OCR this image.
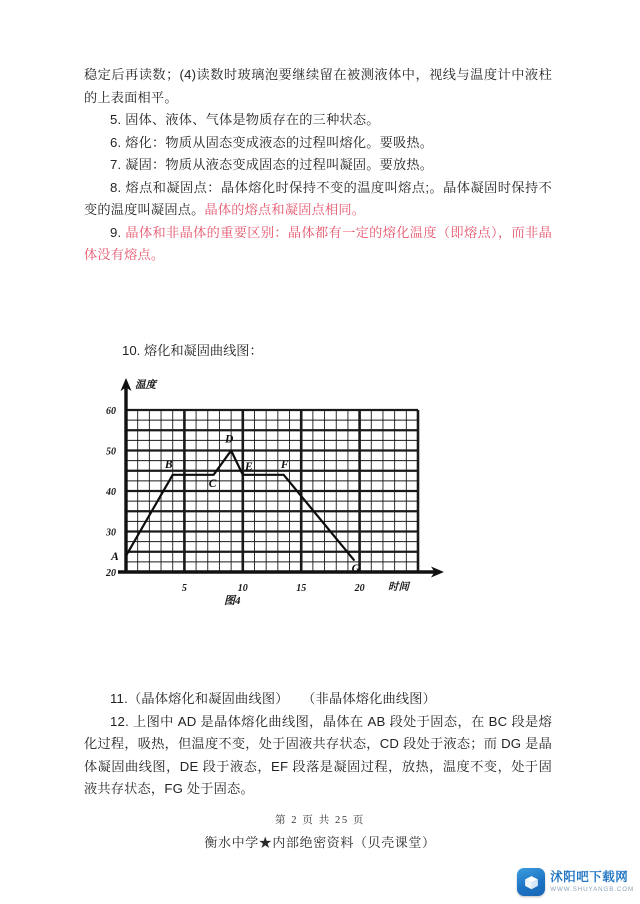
稳定后再读数；(4)读数时玻璃泡要继续留在被测液体中，视线与温度计中液柱的上表面相平。

5. 固体、液体、气体是物质存在的三种状态。

6. 熔化：物质从固态变成液态的过程叫熔化。要吸热。

7. 凝固：物质从液态变成固态的过程叫凝固。要放热。

8. 熔点和凝固点：晶体熔化时保持不变的温度叫熔点;。晶体凝固时保持不变的温度叫凝固点。晶体的熔点和凝固点相同。

9. 晶体和非晶体的重要区别：晶体都有一定的熔化温度（即熔点），而非晶体没有熔点。

10. 熔化和凝固曲线图：
温度
时间
20
30
40
50
60
5	10	15	20
A
B
C
D
E F
G
图4

11.（晶体熔化和凝固曲线图）　　（非晶体熔化曲线图）

12. 上图中 AD 是晶体熔化曲线图，晶体在 AB 段处于固态，在 BC 段是熔化过程，吸热，但温度不变，处于固液共存状态，CD 段处于液态；而 DG 是晶体凝固曲线图，DE 段于液态，EF 段落是凝固过程，放热，温度不变，处于固液共存状态，FG 处于固态。

第 2 页 共 25 页
衡水中学★内部绝密资料（贝壳课堂）
沭阳吧下载网
WWW.SHUYANGB.COM
